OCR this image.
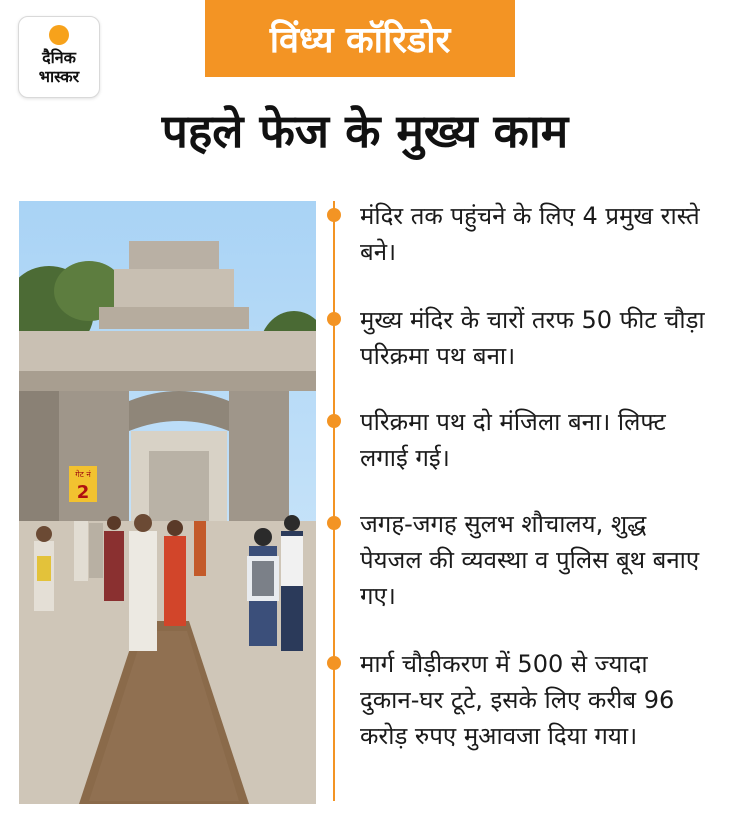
दैनिक
भास्कर
विंध्य कॉरिडोर
पहले फेज के मुख्य काम
गेट नं
2
मंदिर तक पहुंचने के लिए 4 प्रमुख रास्ते बने।
मुख्य मंदिर के चारों तरफ 50 फीट चौड़ा परिक्रमा पथ बना।
परिक्रमा पथ दो मंजिला बना। लिफ्ट लगाई गई।
जगह-जगह सुलभ शौचालय, शुद्ध पेयजल की व्यवस्था व पुलिस बूथ बनाए गए।
मार्ग चौड़ीकरण में 500 से ज्यादा दुकान-घर टूटे, इसके लिए करीब 96 करोड़ रुपए मुआवजा दिया गया।
